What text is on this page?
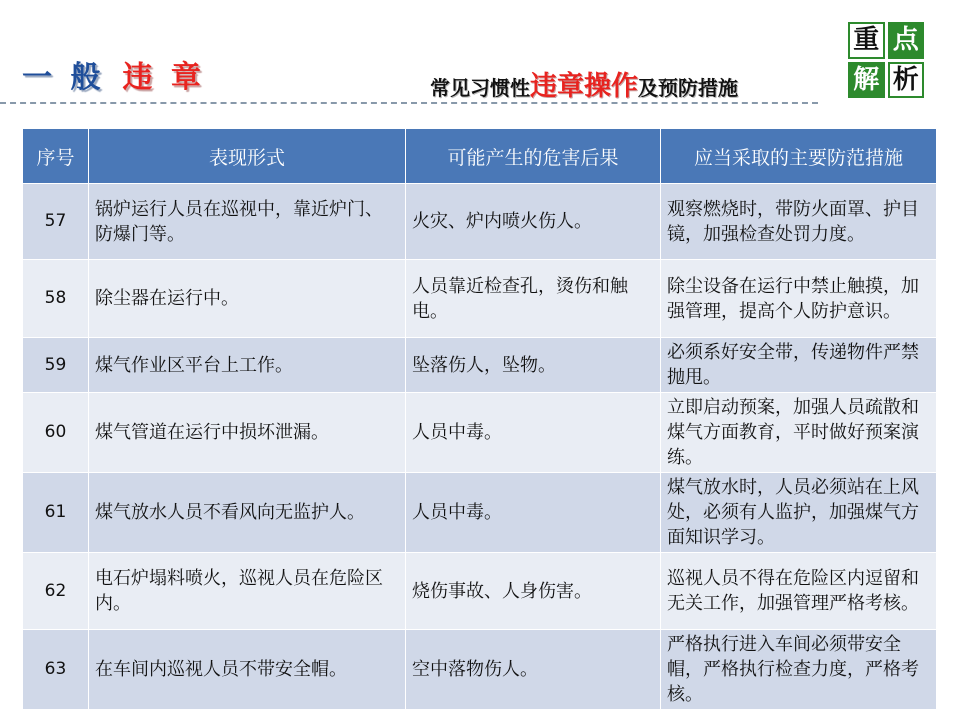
一 般 违 章	常见习惯性违章操作及预防措施
重 点
解 析
序号	表现形式	可能产生的危害后果	应当采取的主要防范措施
57	锅炉运行人员在巡视中，靠近炉门、防爆门等。	火灾、炉内喷火伤人。	观察燃烧时，带防火面罩、护目镜，加强检查处罚力度。
58	除尘器在运行中。	人员靠近检查孔，烫伤和触电。	除尘设备在运行中禁止触摸，加强管理，提高个人防护意识。
59	煤气作业区平台上工作。	坠落伤人，坠物。	必须系好安全带，传递物件严禁抛甩。
60	煤气管道在运行中损坏泄漏。	人员中毒。	立即启动预案，加强人员疏散和煤气方面教育，平时做好预案演练。
61	煤气放水人员不看风向无监护人。	人员中毒。	煤气放水时，人员必须站在上风处，必须有人监护，加强煤气方面知识学习。
62	电石炉塌料喷火，巡视人员在危险区内。	烧伤事故、人身伤害。	巡视人员不得在危险区内逗留和无关工作，加强管理严格考核。
63	在车间内巡视人员不带安全帽。	空中落物伤人。	严格执行进入车间必须带安全帽，严格执行检查力度，严格考核。
